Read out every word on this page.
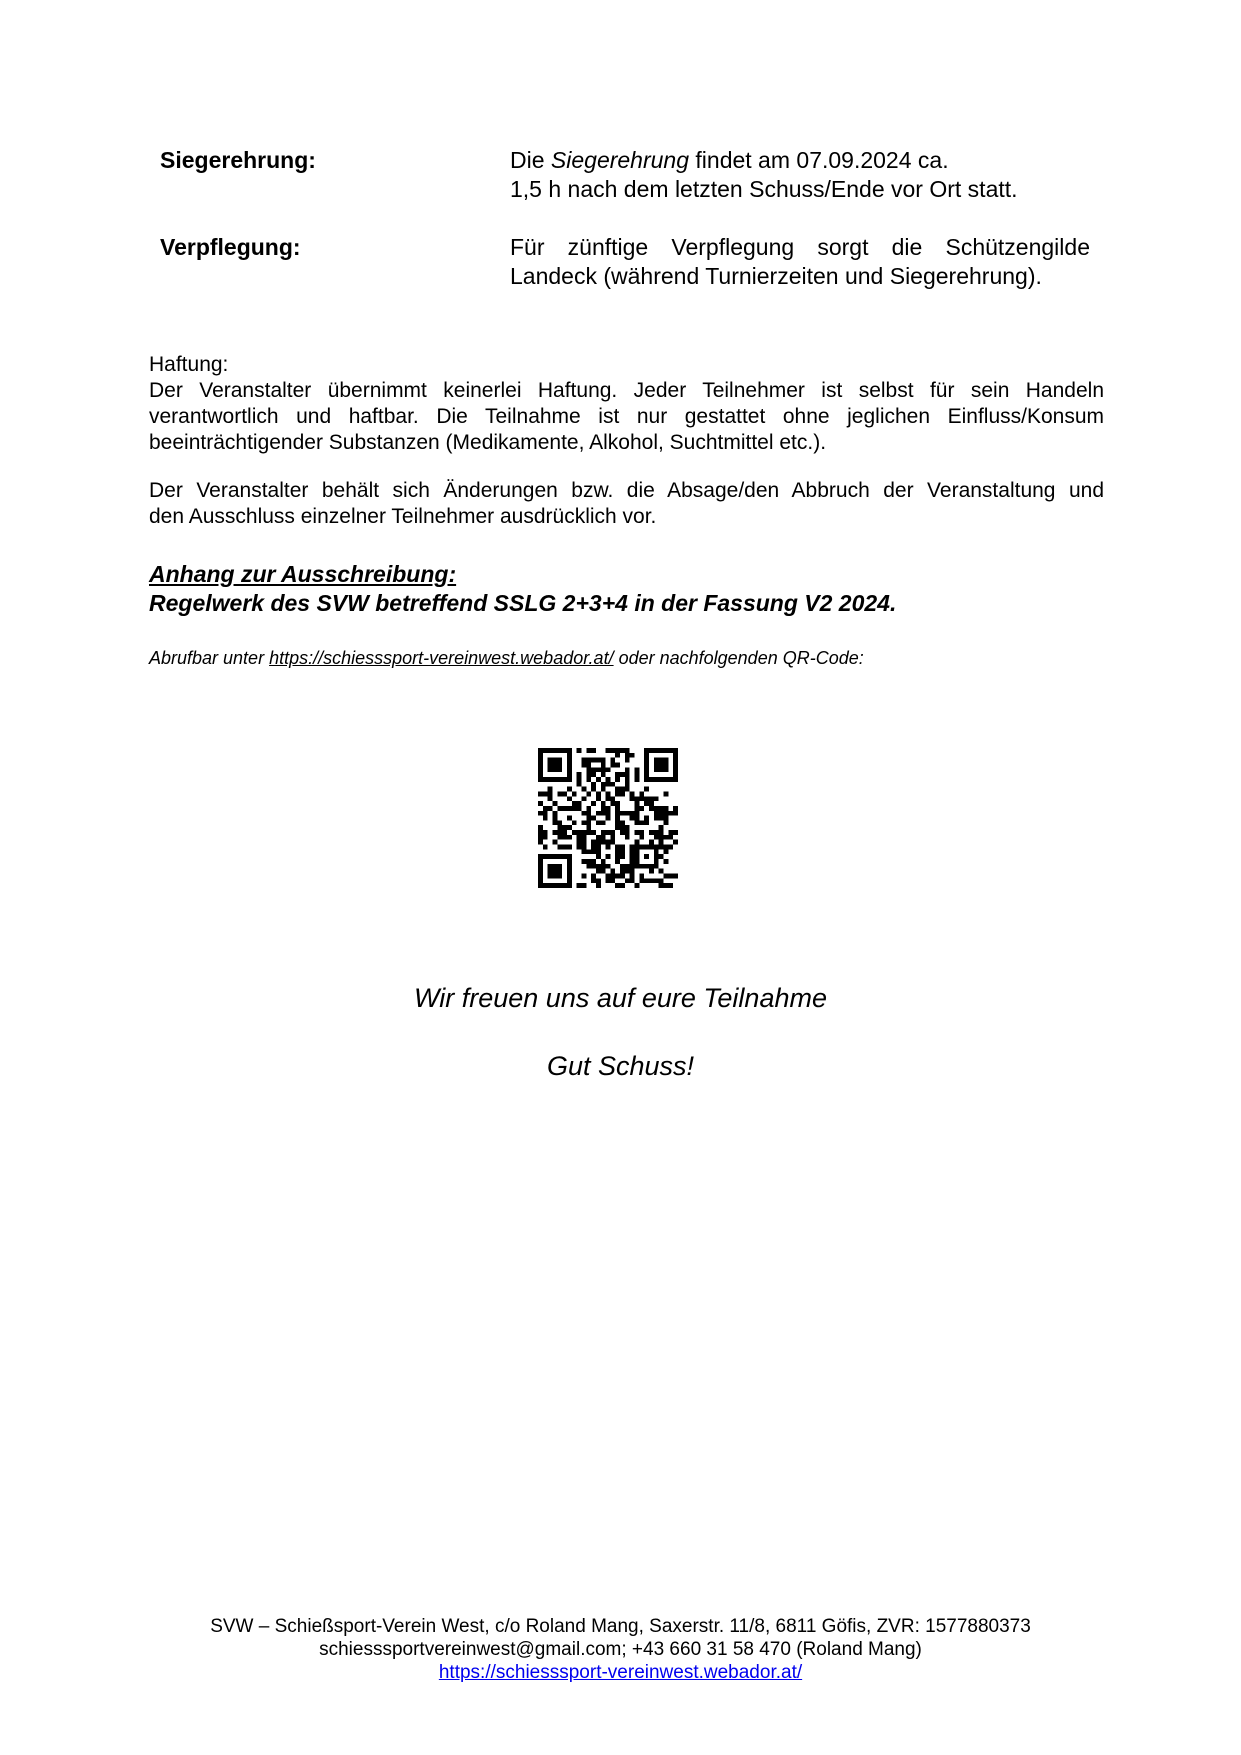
Siegerehrung:	Die Siegerehrung findet am 07.09.2024 ca.
1,5 h nach dem letzten Schuss/Ende vor Ort statt.
Verpflegung:	Für zünftige Verpflegung sorgt die Schützengilde
Landeck (während Turnierzeiten und Siegerehrung).
Haftung:
Der Veranstalter übernimmt keinerlei Haftung. Jeder Teilnehmer ist selbst für sein Handeln
verantwortlich und haftbar. Die Teilnahme ist nur gestattet ohne jeglichen Einfluss/Konsum
beeinträchtigender Substanzen (Medikamente, Alkohol, Suchtmittel etc.).
Der Veranstalter behält sich Änderungen bzw. die Absage/den Abbruch der Veranstaltung und
den Ausschluss einzelner Teilnehmer ausdrücklich vor.
Anhang zur Ausschreibung:
Regelwerk des SVW betreffend SSLG 2+3+4 in der Fassung V2 2024.
Abrufbar unter https://schiesssport-vereinwest.webador.at/ oder nachfolgenden QR-Code:
Wir freuen uns auf eure Teilnahme
Gut Schuss!
SVW – Schießsport-Verein West, c/o Roland Mang, Saxerstr. 11/8, 6811 Göfis, ZVR: 1577880373
schiesssportvereinwest@gmail.com; +43 660 31 58 470 (Roland Mang)
https://schiesssport-vereinwest.webador.at/
